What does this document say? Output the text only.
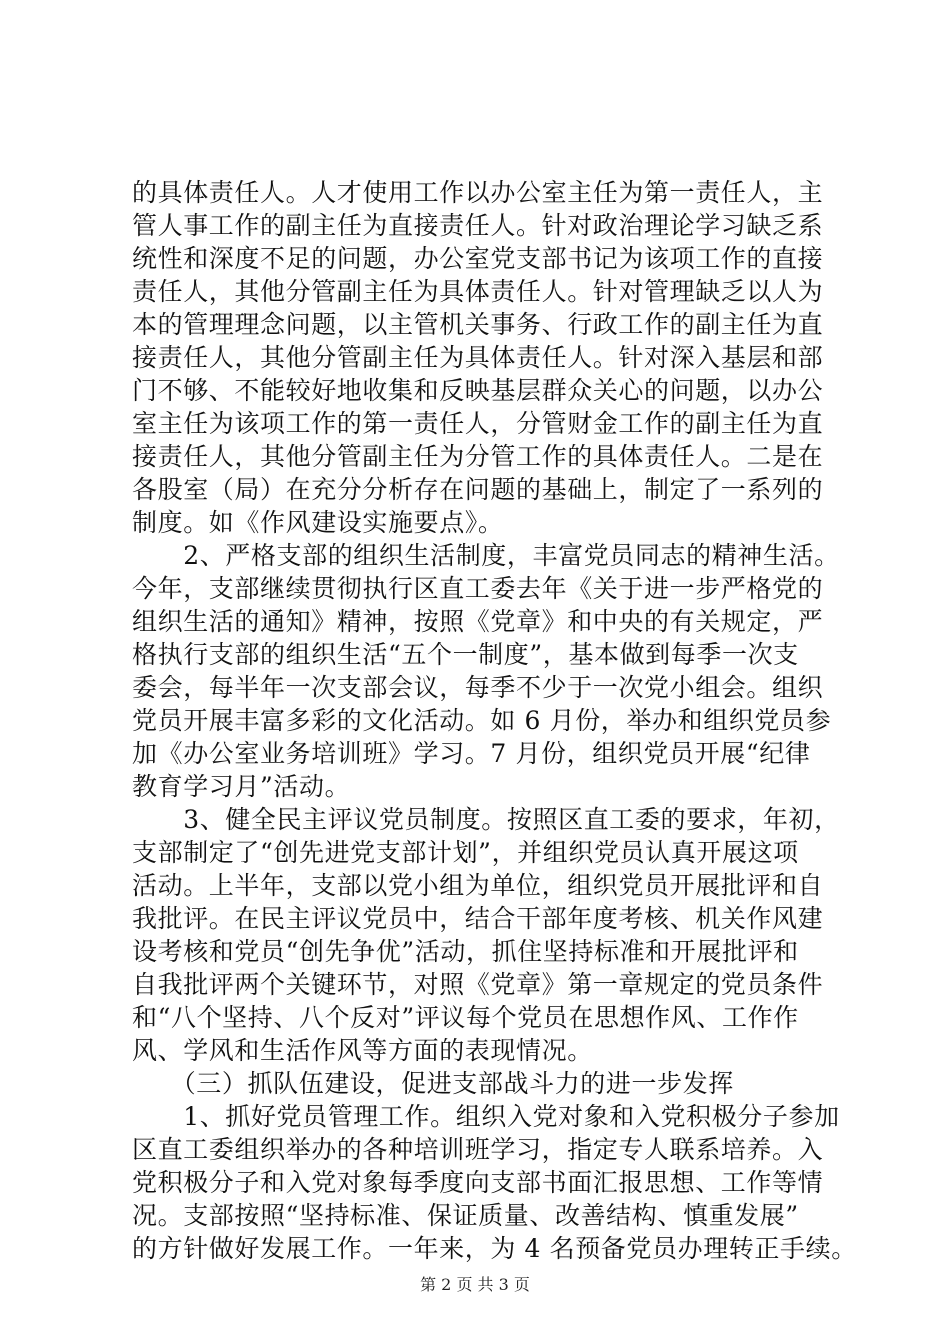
的具体责任人。人才使用工作以办公室主任为第一责任人，主
管人事工作的副主任为直接责任人。针对政治理论学习缺乏系
统性和深度不足的问题，办公室党支部书记为该项工作的直接
责任人，其他分管副主任为具体责任人。针对管理缺乏以人为
本的管理理念问题，以主管机关事务、行政工作的副主任为直
接责任人，其他分管副主任为具体责任人。针对深入基层和部
门不够、不能较好地收集和反映基层群众关心的问题，以办公
室主任为该项工作的第一责任人，分管财金工作的副主任为直
接责任人，其他分管副主任为分管工作的具体责任人。二是在
各股室（局）在充分分析存在问题的基础上，制定了一系列的
制度。如《作风建设实施要点》。
　　2、严格支部的组织生活制度，丰富党员同志的精神生活。
今年，支部继续贯彻执行区直工委去年《关于进一步严格党的
组织生活的通知》精神，按照《党章》和中央的有关规定，严
格执行支部的组织生活“五个一制度”，基本做到每季一次支
委会，每半年一次支部会议，每季不少于一次党小组会。组织
党员开展丰富多彩的文化活动。如 6 月份，举办和组织党员参
加《办公室业务培训班》学习。7 月份，组织党员开展“纪律
教育学习月”活动。
　　3、健全民主评议党员制度。按照区直工委的要求，年初，
支部制定了“创先进党支部计划”，并组织党员认真开展这项
活动。上半年，支部以党小组为单位，组织党员开展批评和自
我批评。在民主评议党员中，结合干部年度考核、机关作风建
设考核和党员“创先争优”活动，抓住坚持标准和开展批评和
自我批评两个关键环节，对照《党章》第一章规定的党员条件
和“八个坚持、八个反对”评议每个党员在思想作风、工作作
风、学风和生活作风等方面的表现情况。
　　（三）抓队伍建设，促进支部战斗力的进一步发挥
　　1、抓好党员管理工作。组织入党对象和入党积极分子参加
区直工委组织举办的各种培训班学习，指定专人联系培养。入
党积极分子和入党对象每季度向支部书面汇报思想、工作等情
况。支部按照“坚持标准、保证质量、改善结构、慎重发展”
的方针做好发展工作。一年来，为 4 名预备党员办理转正手续。
第 2 页 共 3 页
